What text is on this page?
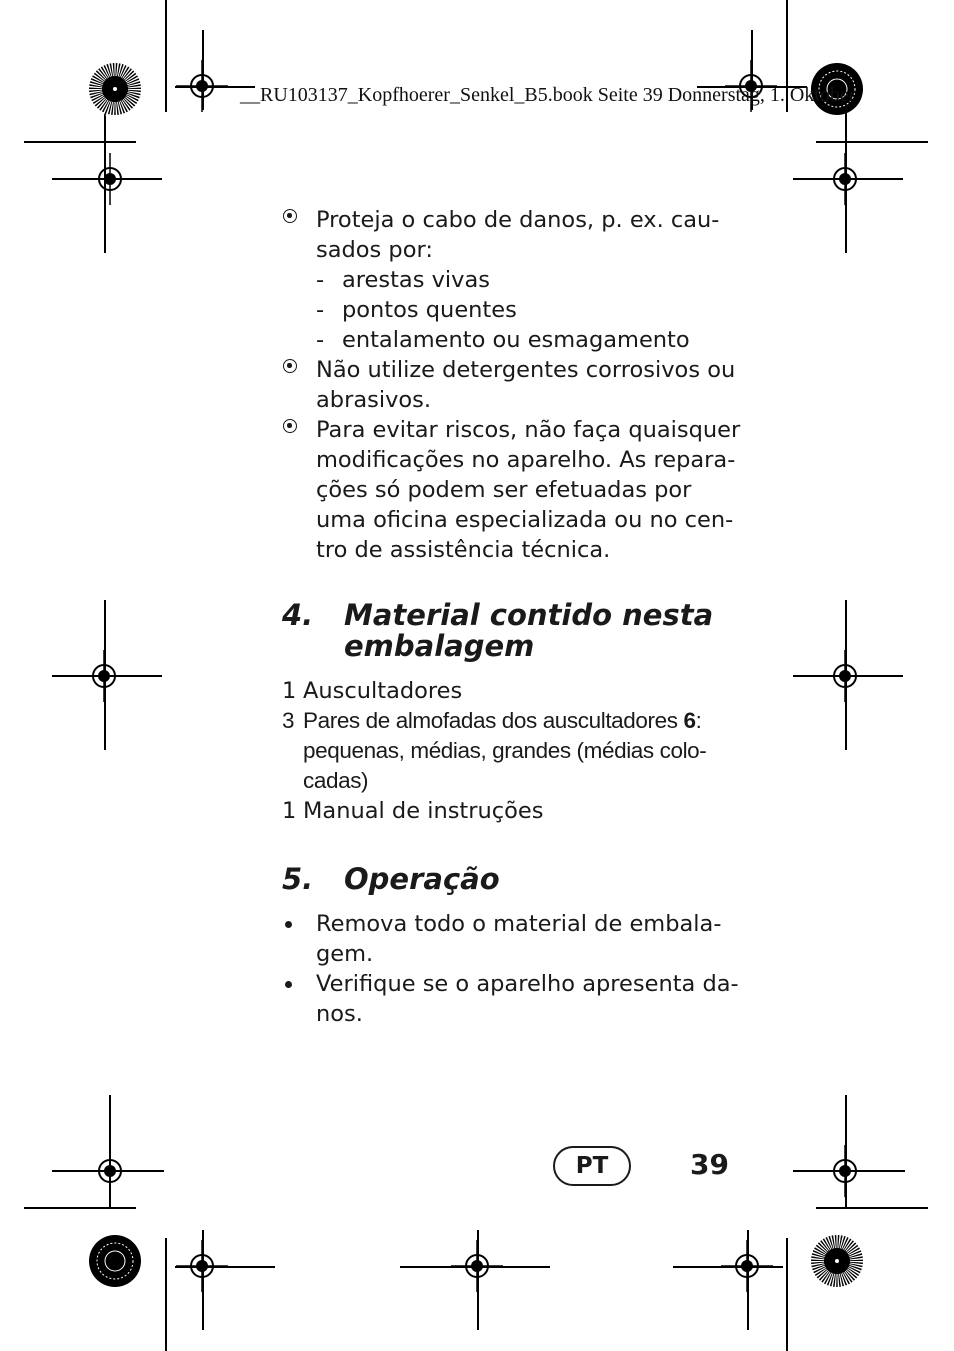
__RU103137_Kopfhoerer_Senkel_B5.book Seite 39 Donnerstag, 1. Oktober
Proteja o cabo de danos, p. ex. cau-
sados por:
- arestas vivas
- pontos quentes
- entalamento ou esmagamento
Não utilize detergentes corrosivos ou
abrasivos.
Para evitar riscos, não faça quaisquer
modificações no aparelho. As repara-
ções só podem ser efetuadas por
uma oficina especializada ou no cen-
tro de assistência técnica.
4.	Material contido nesta
embalagem
1 Auscultadores
3 Pares de almofadas dos auscultadores 6:
pequenas, médias, grandes (médias colo-
cadas)
1 Manual de instruções
5.	Operação
Remova todo o material de embala-
gem.
Verifique se o aparelho apresenta da-
nos.
PT	39
